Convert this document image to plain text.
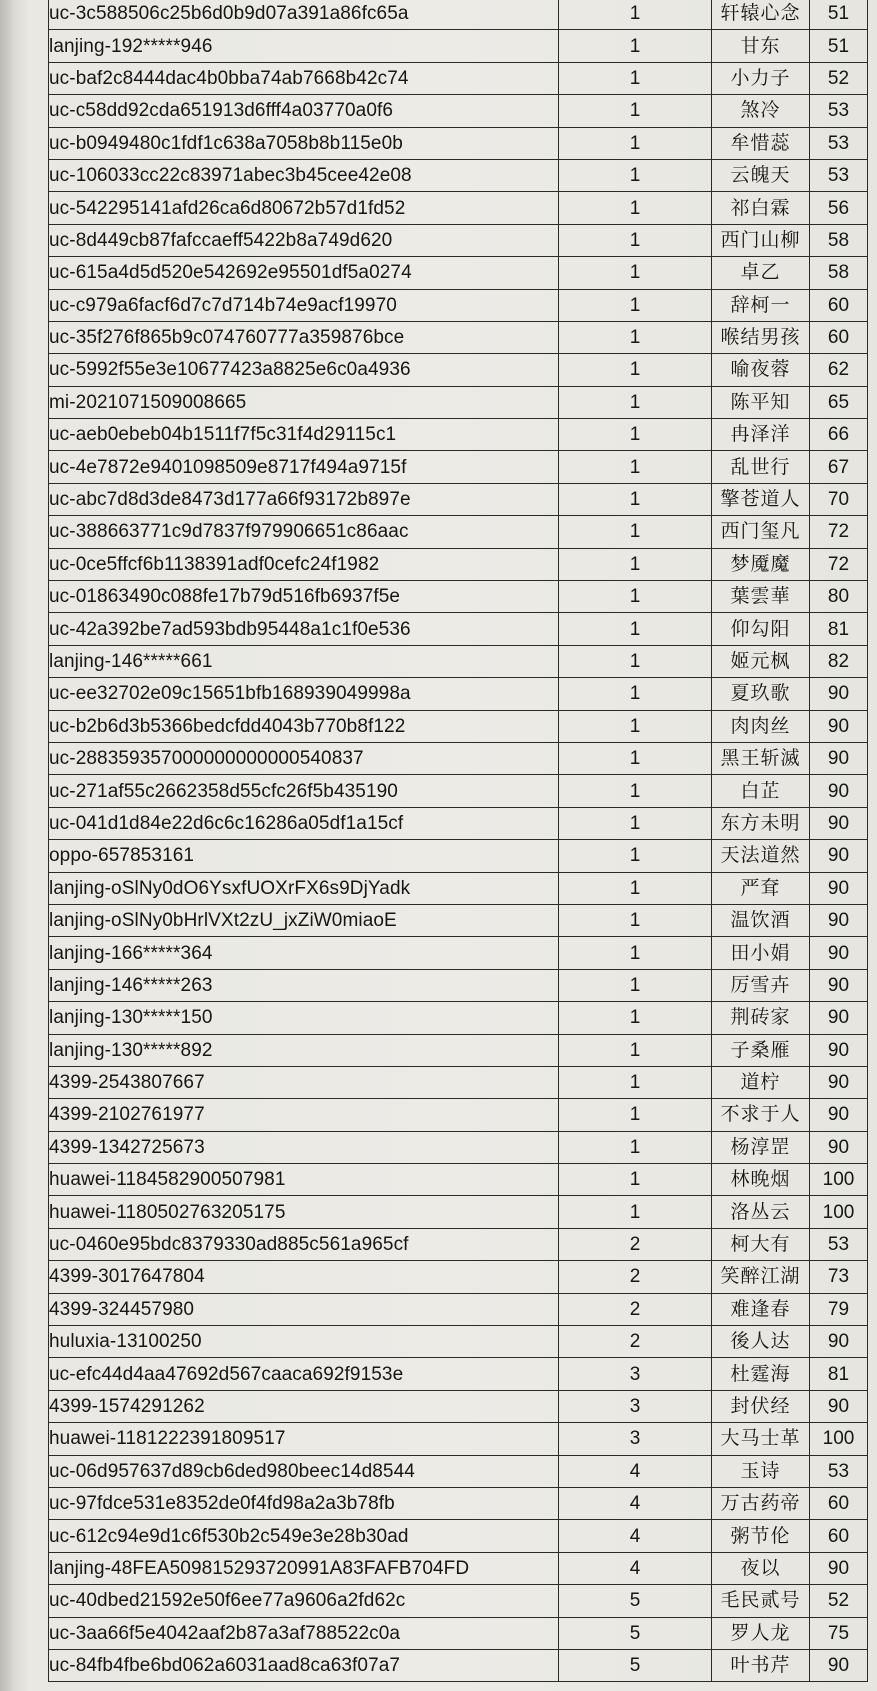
uc-3c588506c25b6d0b9d07a391a86fc65a	1	轩辕心念	51
lanjing-192*****946	1	甘东	51
uc-baf2c8444dac4b0bba74ab7668b42c74	1	小力子	52
uc-c58dd92cda651913d6fff4a03770a0f6	1	煞冷	53
uc-b0949480c1fdf1c638a7058b8b115e0b	1	牟惜蕊	53
uc-106033cc22c83971abec3b45cee42e08	1	云魄天	53
uc-542295141afd26ca6d80672b57d1fd52	1	祁白霖	56
uc-8d449cb87fafccaeff5422b8a749d620	1	西门山柳	58
uc-615a4d5d520e542692e95501df5a0274	1	卓乙	58
uc-c979a6facf6d7c7d714b74e9acf19970	1	辞柯一	60
uc-35f276f865b9c074760777a359876bce	1	喉结男孩	60
uc-5992f55e3e10677423a8825e6c0a4936	1	喻夜蓉	62
mi-2021071509008665	1	陈平知	65
uc-aeb0ebeb04b1511f7f5c31f4d29115c1	1	冉泽洋	66
uc-4e7872e9401098509e8717f494a9715f	1	乱世行	67
uc-abc7d8d3de8473d177a66f93172b897e	1	擎苍道人	70
uc-388663771c9d7837f979906651c86aac	1	西门玺凡	72
uc-0ce5ffcf6b1138391adf0cefc24f1982	1	梦魇魔	72
uc-01863490c088fe17b79d516fb6937f5e	1	葉雲華	80
uc-42a392be7ad593bdb95448a1c1f0e536	1	仰勾阳	81
lanjing-146*****661	1	姬元枫	82
uc-ee32702e09c15651bfb168939049998a	1	夏玖歌	90
uc-b2b6d3b5366bedcfdd4043b770b8f122	1	肉肉丝	90
uc-288359357000000000000540837	1	黑王斩滅	90
uc-271af55c2662358d55cfc26f5b435190	1	白芷	90
uc-041d1d84e22d6c6c16286a05df1a15cf	1	东方未明	90
oppo-657853161	1	天法道然	90
lanjing-oSlNy0dO6YsxfUOXrFX6s9DjYadk	1	严耷	90
lanjing-oSlNy0bHrlVXt2zU_jxZiW0miaoE	1	温饮酒	90
lanjing-166*****364	1	田小娟	90
lanjing-146*****263	1	厉雪卉	90
lanjing-130*****150	1	荆砖家	90
lanjing-130*****892	1	子桑雁	90
4399-2543807667	1	道柠	90
4399-2102761977	1	不求于人	90
4399-1342725673	1	杨淳罡	90
huawei-1184582900507981	1	林晚烟	100
huawei-1180502763205175	1	洛丛云	100
uc-0460e95bdc8379330ad885c561a965cf	2	柯大有	53
4399-3017647804	2	笑醉江湖	73
4399-324457980	2	难逢春	79
huluxia-13100250	2	後人达	90
uc-efc44d4aa47692d567caaca692f9153e	3	杜霆海	81
4399-1574291262	3	封伏经	90
huawei-1181222391809517	3	大马士革	100
uc-06d957637d89cb6ded980beec14d8544	4	玉诗	53
uc-97fdce531e8352de0f4fd98a2a3b78fb	4	万古药帝	60
uc-612c94e9d1c6f530b2c549e3e28b30ad	4	粥节伦	60
lanjing-48FEA509815293720991A83FAFB704FD	4	夜以	90
uc-40dbed21592e50f6ee77a9606a2fd62c	5	毛民贰号	52
uc-3aa66f5e4042aaf2b87a3af788522c0a	5	罗人龙	75
uc-84fb4fbe6bd062a6031aad8ca63f07a7	5	叶书芹	90
